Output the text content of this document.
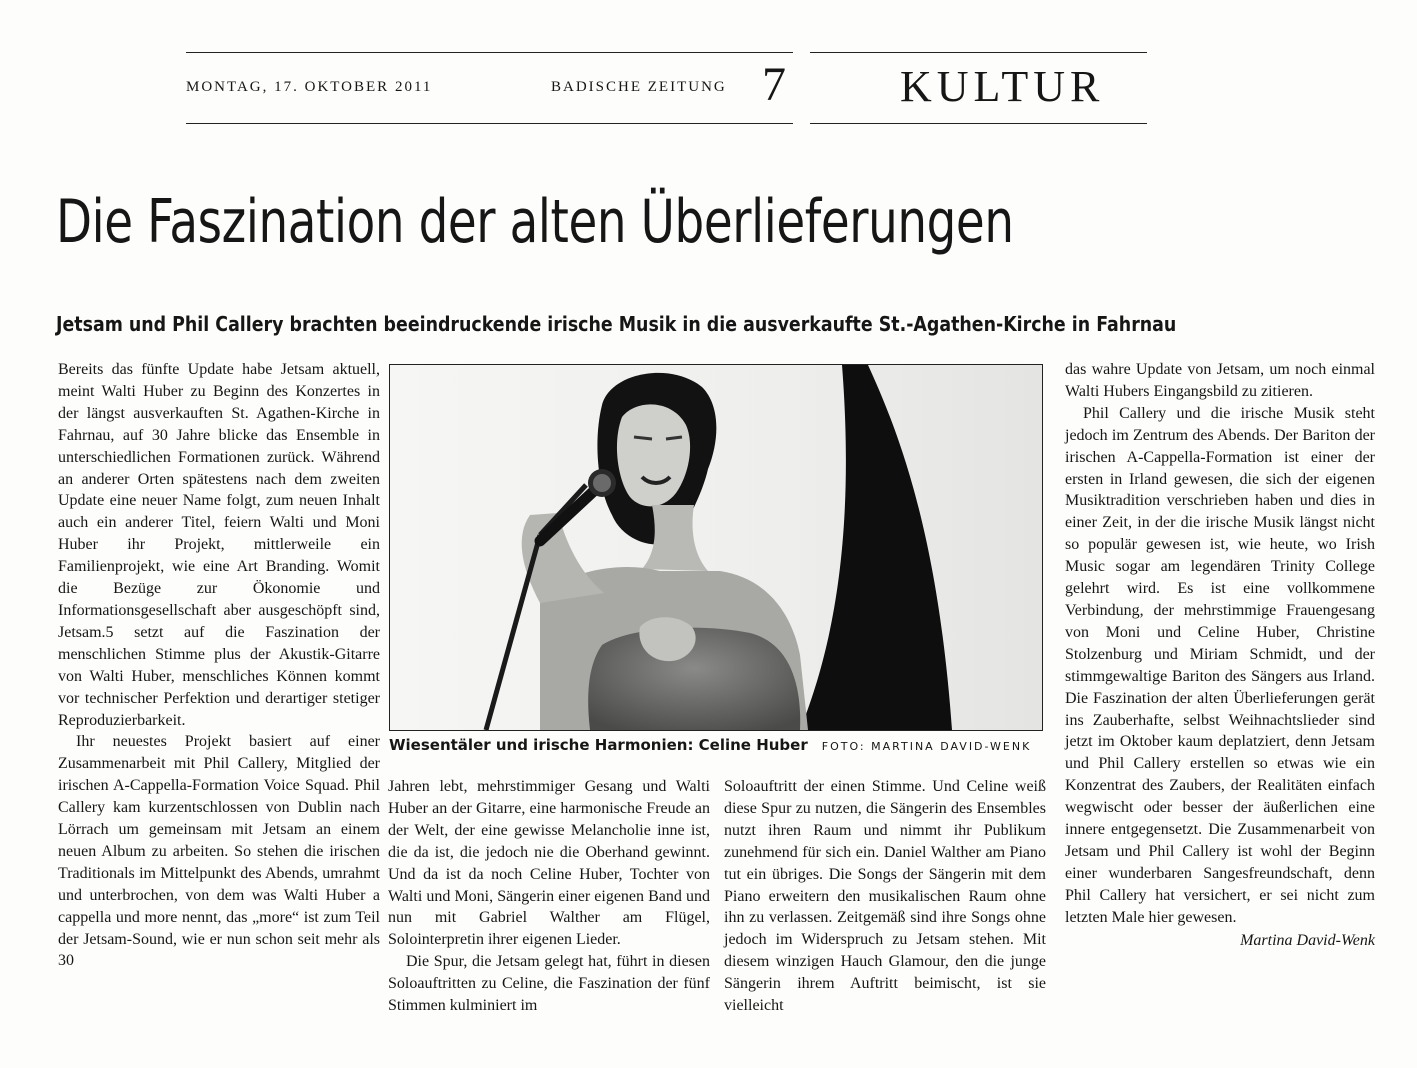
MONTAG, 17. OKTOBER 2011	BADISCHE ZEITUNG 7	KULTUR
Die Faszination der alten Überlieferungen
Jetsam und Phil Callery brachten beeindruckende irische Musik in die ausverkaufte St.-Agathen-Kirche in Fahrnau

Bereits das fünfte Update habe Jetsam aktuell, meint Walti Huber zu Beginn des Konzertes in der längst ausverkauften St. Agathen-Kirche in Fahrnau, auf 30 Jahre blicke das Ensemble in unterschiedlichen Formationen zurück. Während an anderer Orten spätestens nach dem zweiten Update eine neuer Name folgt, zum neuen Inhalt auch ein anderer Titel, feiern Walti und Moni Huber ihr Projekt, mittlerweile ein Familienprojekt, wie eine Art Branding. Womit die Bezüge zur Ökonomie und Informationsgesellschaft aber ausgeschöpft sind, Jetsam.5 setzt auf die Faszination der menschlichen Stimme plus der Akustik-Gitarre von Walti Huber, menschliches Können kommt vor technischer Perfektion und derartiger stetiger Reproduzierbarkeit.

Ihr neuestes Projekt basiert auf einer Zusammenarbeit mit Phil Callery, Mitglied der irischen A-Cappella-Formation Voice Squad. Phil Callery kam kurzentschlossen von Dublin nach Lörrach um gemeinsam mit Jetsam an einem neuen Album zu arbeiten. So stehen die irischen Traditionals im Mittelpunkt des Abends, umrahmt und unterbrochen, von dem was Walti Huber a cappella und more nennt, das „more“ ist zum Teil der Jetsam-Sound, wie er nun schon seit mehr als 30

Wiesentäler und irische Harmonien: Celine Huber FOTO: MARTINA DAVID-WENK

Jahren lebt, mehrstimmiger Gesang und Walti Huber an der Gitarre, eine harmonische Freude an der Welt, der eine gewisse Melancholie inne ist, die da ist, die jedoch nie die Oberhand gewinnt. Und da ist da noch Celine Huber, Tochter von Walti und Moni, Sängerin einer eigenen Band und nun mit Gabriel Walther am Flügel, Solointerpretin ihrer eigenen Lieder.

Die Spur, die Jetsam gelegt hat, führt in diesen Soloauftritten zu Celine, die Faszination der fünf Stimmen kulminiert im

Soloauftritt der einen Stimme. Und Celine weiß diese Spur zu nutzen, die Sängerin des Ensembles nutzt ihren Raum und nimmt ihr Publikum zunehmend für sich ein. Daniel Walther am Piano tut ein übriges. Die Songs der Sängerin mit dem Piano erweitern den musikalischen Raum ohne ihn zu verlassen. Zeitgemäß sind ihre Songs ohne jedoch im Widerspruch zu Jetsam stehen. Mit diesem winzigen Hauch Glamour, den die junge Sängerin ihrem Auftritt beimischt, ist sie vielleicht

das wahre Update von Jetsam, um noch einmal Walti Hubers Eingangsbild zu zitieren.

Phil Callery und die irische Musik steht jedoch im Zentrum des Abends. Der Bariton der irischen A-Cappella-Formation ist einer der ersten in Irland gewesen, die sich der eigenen Musiktradition verschrieben haben und dies in einer Zeit, in der die irische Musik längst nicht so populär gewesen ist, wie heute, wo Irish Music sogar am legendären Trinity College gelehrt wird. Es ist eine vollkommene Verbindung, der mehrstimmige Frauengesang von Moni und Celine Huber, Christine Stolzenburg und Miriam Schmidt, und der stimmgewaltige Bariton des Sängers aus Irland. Die Faszination der alten Überlieferungen gerät ins Zauberhafte, selbst Weihnachtslieder sind jetzt im Oktober kaum deplatziert, denn Jetsam und Phil Callery erstellen so etwas wie ein Konzentrat des Zaubers, der Realitäten einfach wegwischt oder besser der äußerlichen eine innere entgegensetzt. Die Zusammenarbeit von Jetsam und Phil Callery ist wohl der Beginn einer wunderbaren Sangesfreundschaft, denn Phil Callery hat versichert, er sei nicht zum letzten Male hier gewesen.

Martina David-Wenk
